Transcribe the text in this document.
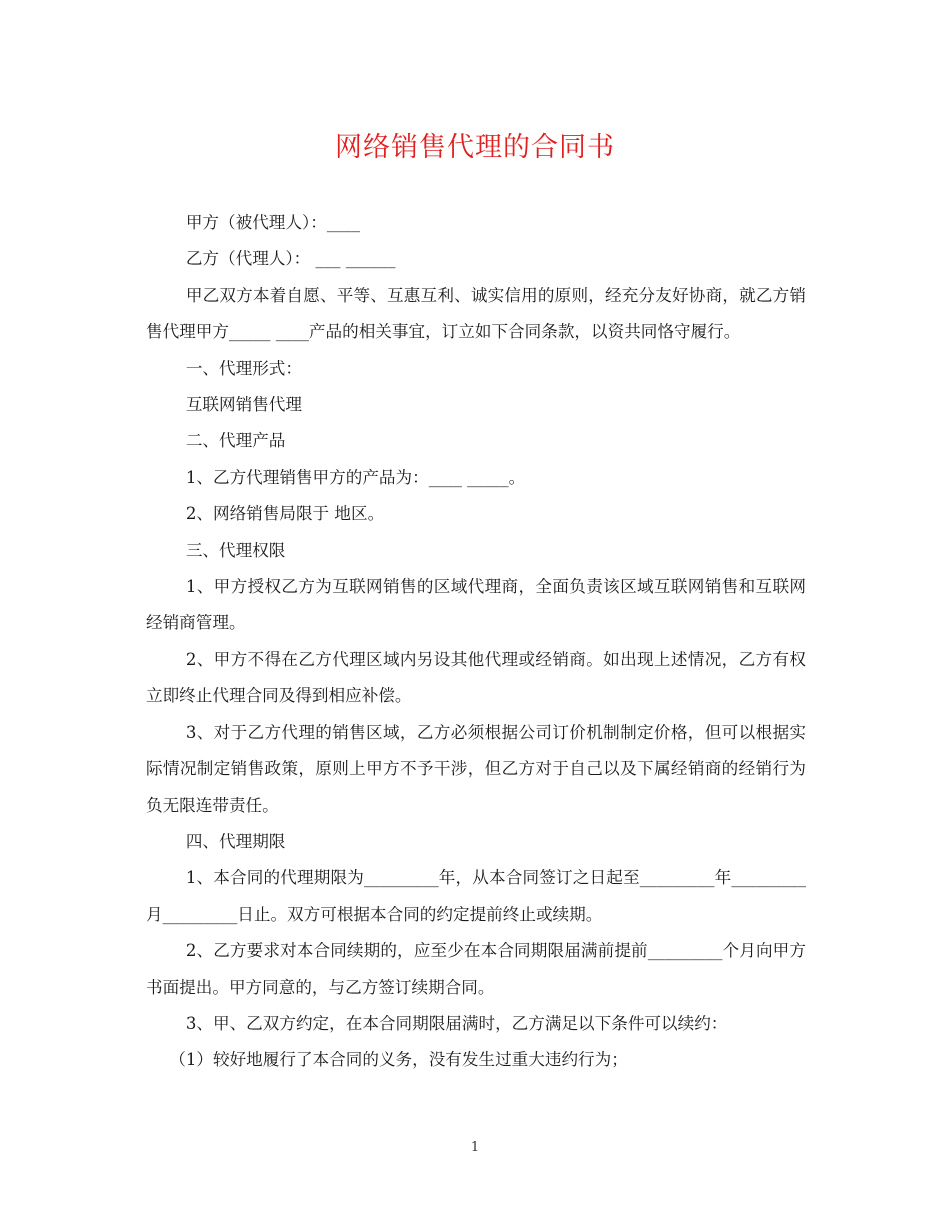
网络销售代理的合同书

甲方（被代理人）：____

乙方（代理人）： ___ ______

甲乙双方本着自愿、平等、互惠互利、诚实信用的原则，经充分友好协商，就乙方销售代理甲方_____ ____产品的相关事宜，订立如下合同条款，以资共同恪守履行。

一、代理形式：

互联网销售代理

二、代理产品

1、乙方代理销售甲方的产品为：____ _____。

2、网络销售局限于 地区。

三、代理权限

1、甲方授权乙方为互联网销售的区域代理商，全面负责该区域互联网销售和互联网经销商管理。

2、甲方不得在乙方代理区域内另设其他代理或经销商。如出现上述情况，乙方有权立即终止代理合同及得到相应补偿。

3、对于乙方代理的销售区域，乙方必须根据公司订价机制制定价格，但可以根据实际情况制定销售政策，原则上甲方不予干涉，但乙方对于自己以及下属经销商的经销行为负无限连带责任。

四、代理期限

1、本合同的代理期限为_________年，从本合同签订之日起至_________年_________月_________日止。双方可根据本合同的约定提前终止或续期。

2、乙方要求对本合同续期的，应至少在本合同期限届满前提前_________个月向甲方书面提出。甲方同意的，与乙方签订续期合同。

3、甲、乙双方约定，在本合同期限届满时，乙方满足以下条件可以续约：

（1）较好地履行了本合同的义务，没有发生过重大违约行为；

1
